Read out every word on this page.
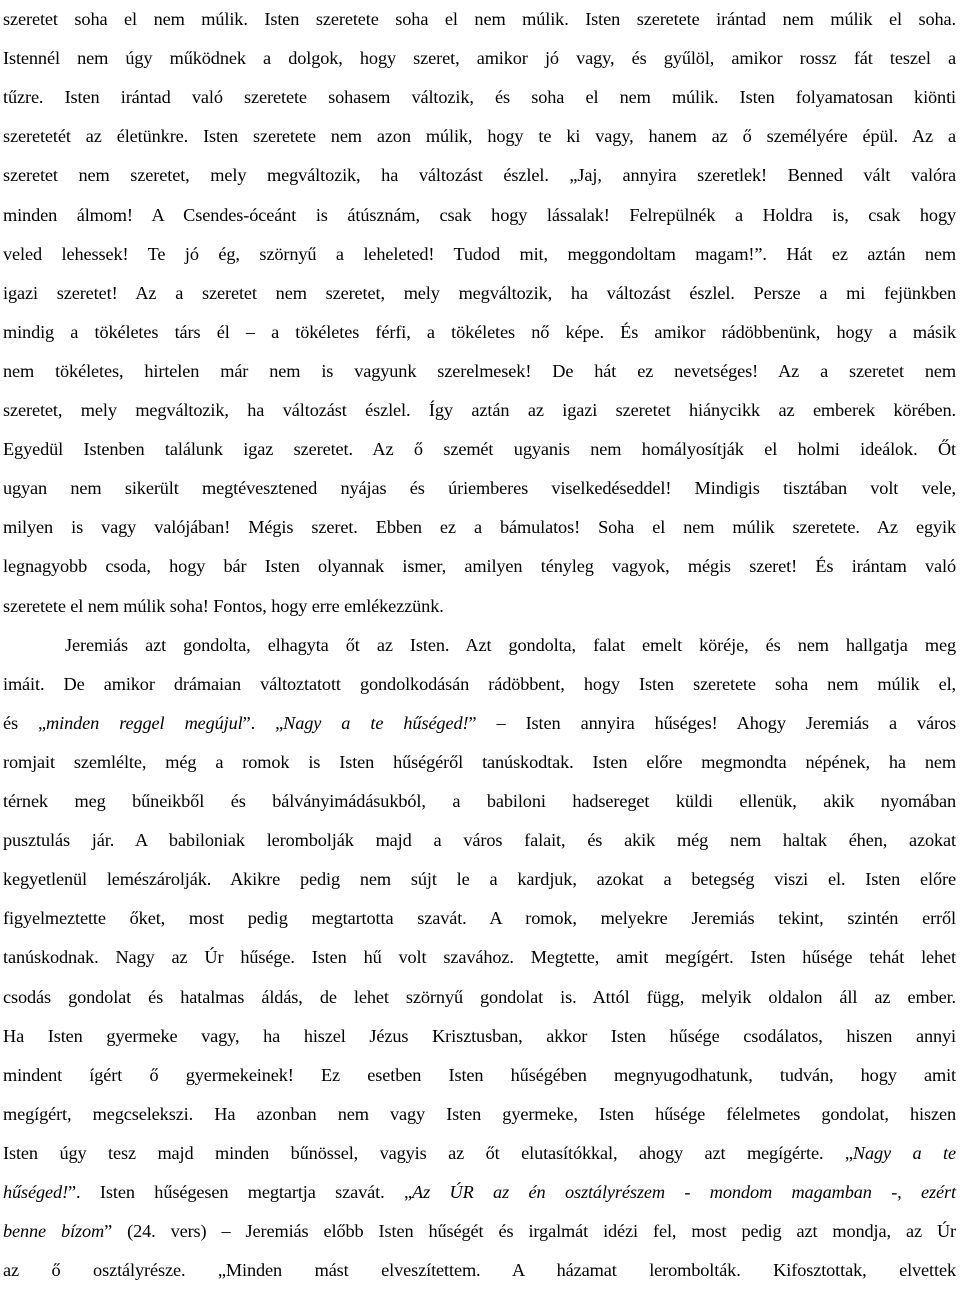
szeretet soha el nem múlik. Isten szeretete soha el nem múlik. Isten szeretete irántad nem múlik el soha.
Istennél nem úgy működnek a dolgok, hogy szeret, amikor jó vagy, és gyűlöl, amikor rossz fát teszel a
tűzre. Isten irántad való szeretete sohasem változik, és soha el nem múlik. Isten folyamatosan kiönti
szeretetét az életünkre. Isten szeretete nem azon múlik, hogy te ki vagy, hanem az ő személyére épül. Az a
szeretet nem szeretet, mely megváltozik, ha változást észlel. „Jaj, annyira szeretlek! Benned vált valóra
minden álmom! A Csendes-óceánt is átúsznám, csak hogy lássalak! Felrepülnék a Holdra is, csak hogy
veled lehessek! Te jó ég, szörnyű a leheleted! Tudod mit, meggondoltam magam!”. Hát ez aztán nem
igazi szeretet! Az a szeretet nem szeretet, mely megváltozik, ha változást észlel. Persze a mi fejünkben
mindig a tökéletes társ él – a tökéletes férfi, a tökéletes nő képe. És amikor rádöbbenünk, hogy a másik
nem tökéletes, hirtelen már nem is vagyunk szerelmesek! De hát ez nevetséges! Az a szeretet nem
szeretet, mely megváltozik, ha változást észlel. Így aztán az igazi szeretet hiánycikk az emberek körében.
Egyedül Istenben találunk igaz szeretet. Az ő szemét ugyanis nem homályosítják el holmi ideálok. Őt
ugyan nem sikerült megtévesztened nyájas és úriemberes viselkedéseddel! Mindigis tisztában volt vele,
milyen is vagy valójában! Mégis szeret. Ebben ez a bámulatos! Soha el nem múlik szeretete. Az egyik
legnagyobb csoda, hogy bár Isten olyannak ismer, amilyen tényleg vagyok, mégis szeret! És irántam való
szeretete el nem múlik soha! Fontos, hogy erre emlékezzünk.
Jeremiás azt gondolta, elhagyta őt az Isten. Azt gondolta, falat emelt köréje, és nem hallgatja meg
imáit. De amikor drámaian változtatott gondolkodásán rádöbbent, hogy Isten szeretete soha nem múlik el,
és „minden reggel megújul”. „Nagy a te hűséged!” – Isten annyira hűséges! Ahogy Jeremiás a város
romjait szemlélte, még a romok is Isten hűségéről tanúskodtak. Isten előre megmondta népének, ha nem
térnek meg bűneikből és bálványimádásukból, a babiloni hadsereget küldi ellenük, akik nyomában
pusztulás jár. A babiloniak lerombolják majd a város falait, és akik még nem haltak éhen, azokat
kegyetlenül lemészárolják. Akikre pedig nem sújt le a kardjuk, azokat a betegség viszi el. Isten előre
figyelmeztette őket, most pedig megtartotta szavát. A romok, melyekre Jeremiás tekint, szintén erről
tanúskodnak. Nagy az Úr hűsége. Isten hű volt szavához. Megtette, amit megígért. Isten hűsége tehát lehet
csodás gondolat és hatalmas áldás, de lehet szörnyű gondolat is. Attól függ, melyik oldalon áll az ember.
Ha Isten gyermeke vagy, ha hiszel Jézus Krisztusban, akkor Isten hűsége csodálatos, hiszen annyi
mindent ígért ő gyermekeinek! Ez esetben Isten hűségében megnyugodhatunk, tudván, hogy amit
megígért, megcselekszi. Ha azonban nem vagy Isten gyermeke, Isten hűsége félelmetes gondolat, hiszen
Isten úgy tesz majd minden bűnössel, vagyis az őt elutasítókkal, ahogy azt megígérte. „Nagy a te
hűséged!”. Isten hűségesen megtartja szavát. „Az ÚR az én osztályrészem - mondom magamban -, ezért
benne bízom” (24. vers) – Jeremiás előbb Isten hűségét és irgalmát idézi fel, most pedig azt mondja, az Úr
az ő osztályrésze. „Minden mást elveszítettem. A házamat lerombolták. Kifosztottak, elvettek
